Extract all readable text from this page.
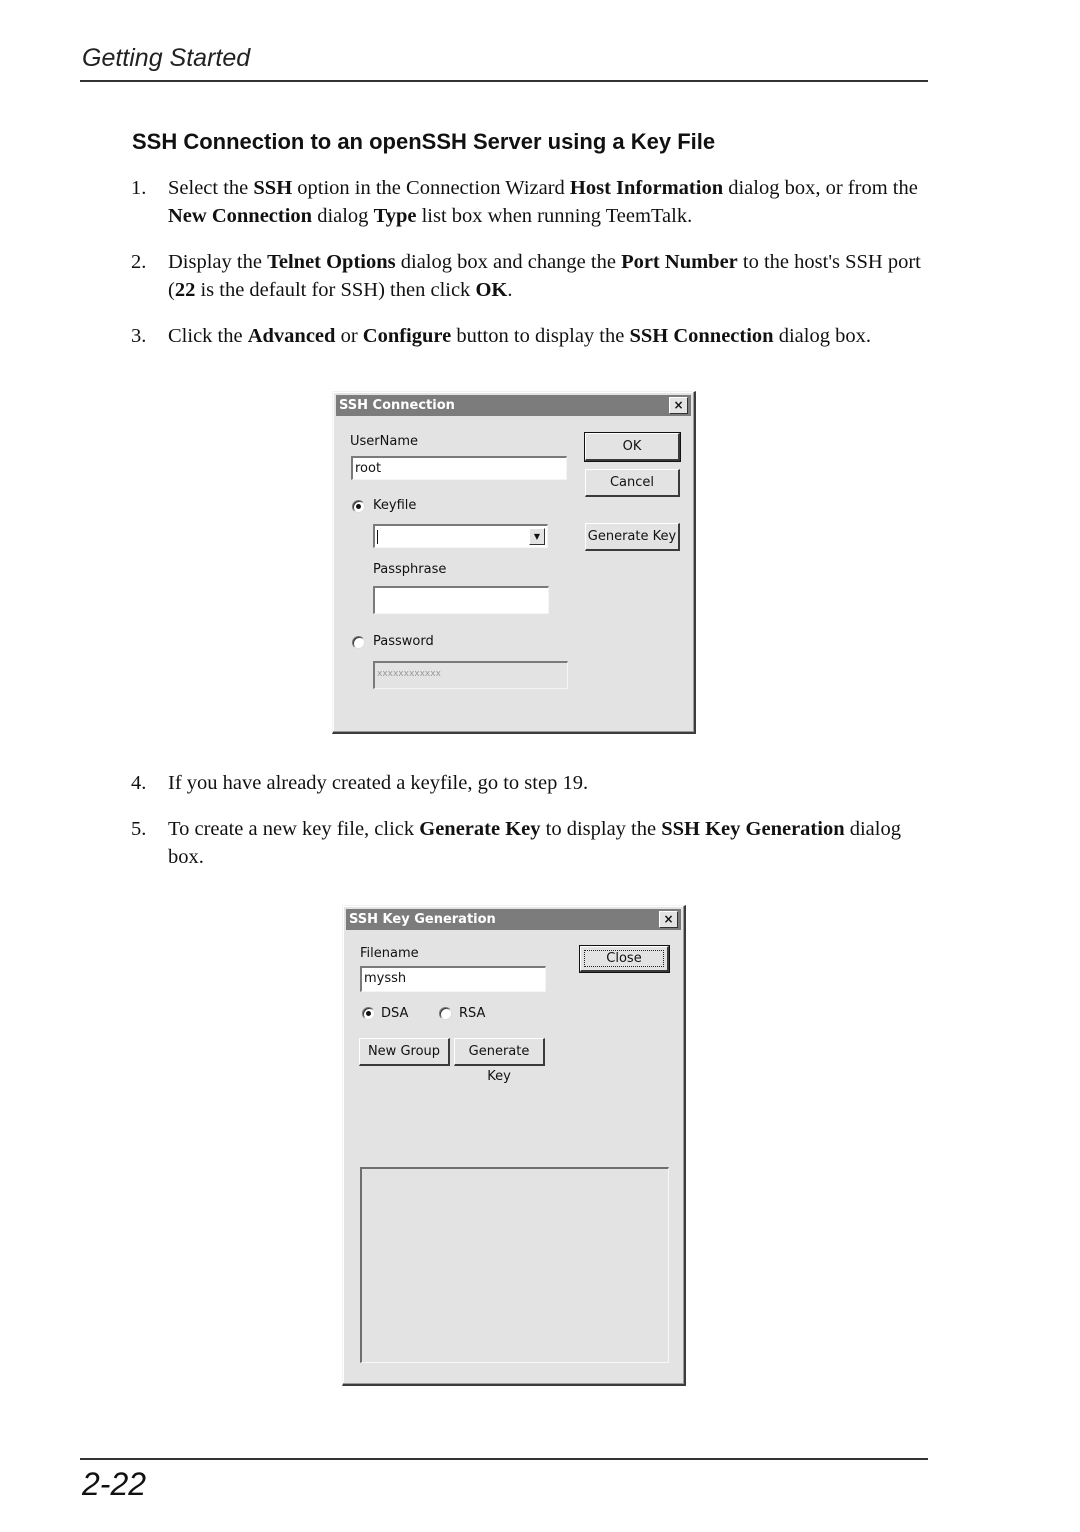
Getting Started
SSH Connection to an openSSH Server using a Key File
1. Select the SSH option in the Connection Wizard Host Information dialog box, or from the New Connection dialog Type list box when running TeemTalk.
2. Display the Telnet Options dialog box and change the Port Number to the host's SSH port (22 is the default for SSH) then click OK.
3. Click the Advanced or Configure button to display the SSH Connection dialog box.
SSH Connection	×
UserName
root
Keyfile
▼
Passphrase
Password
xxxxxxxxxxxx
OK
Cancel
Generate Key
4. If you have already created a keyfile, go to step 19.
5. To create a new key file, click Generate Key to display the SSH Key Generation dialog box.
SSH Key Generation	×
Filename
myssh
DSA	RSA
New Group	Generate Key
Close
2-22
